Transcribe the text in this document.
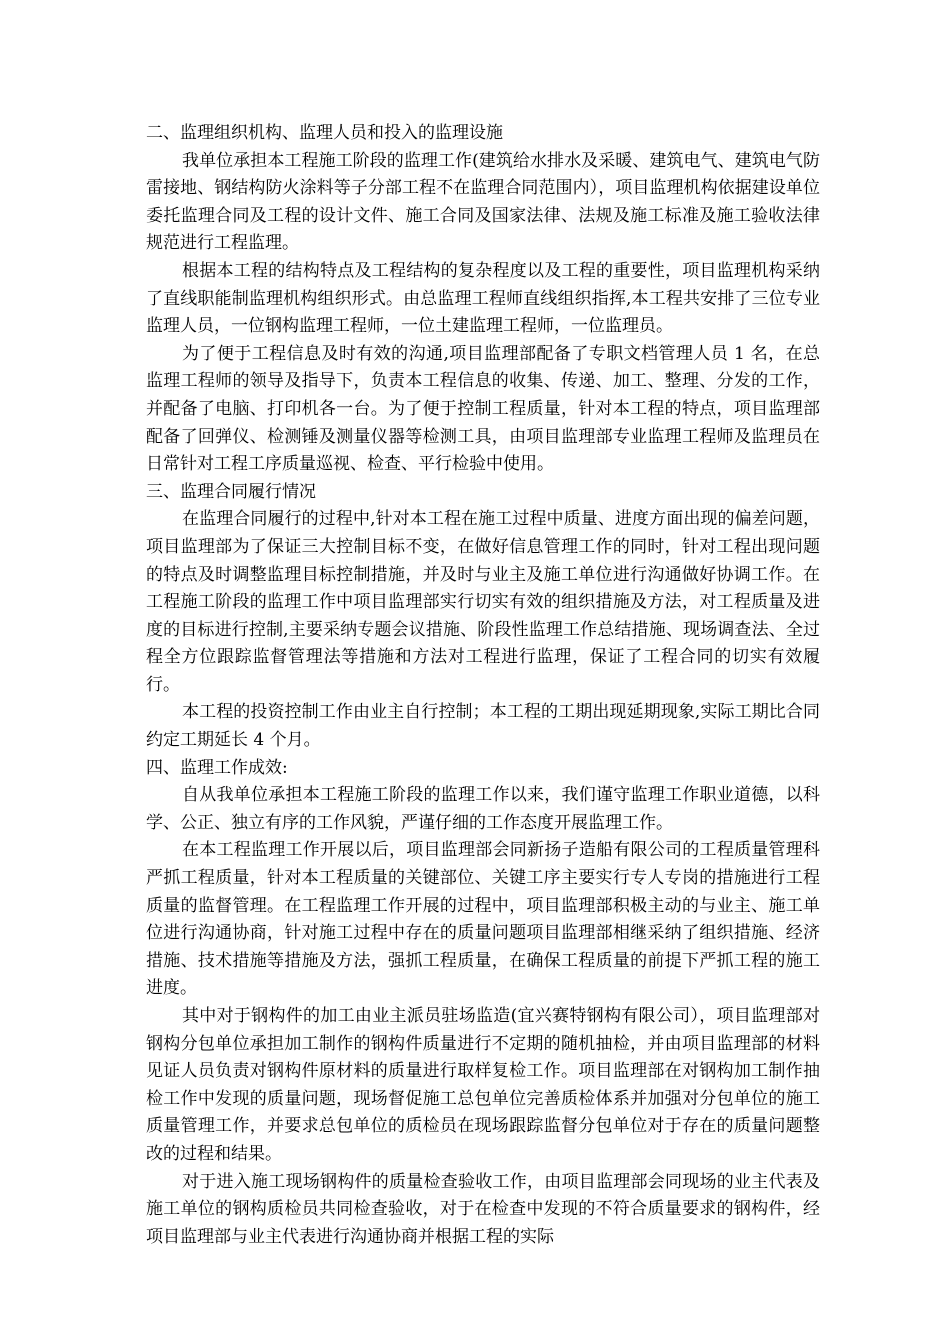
二、监理组织机构、监理人员和投入的监理设施

我单位承担本工程施工阶段的监理工作(建筑给水排水及采暖、建筑电气、建筑电气防雷接地、钢结构防火涂料等子分部工程不在监理合同范围内），项目监理机构依据建设单位委托监理合同及工程的设计文件、施工合同及国家法律、法规及施工标准及施工验收法律规范进行工程监理。

根据本工程的结构特点及工程结构的复杂程度以及工程的重要性，项目监理机构采纳了直线职能制监理机构组织形式。由总监理工程师直线组织指挥,本工程共安排了三位专业监理人员，一位钢构监理工程师，一位土建监理工程师，一位监理员。

为了便于工程信息及时有效的沟通,项目监理部配备了专职文档管理人员 1 名，在总监理工程师的领导及指导下，负责本工程信息的收集、传递、加工、整理、分发的工作，并配备了电脑、打印机各一台。为了便于控制工程质量，针对本工程的特点，项目监理部配备了回弹仪、检测锤及测量仪器等检测工具，由项目监理部专业监理工程师及监理员在日常针对工程工序质量巡视、检查、平行检验中使用。

三、监理合同履行情况

在监理合同履行的过程中,针对本工程在施工过程中质量、进度方面出现的偏差问题，项目监理部为了保证三大控制目标不变，在做好信息管理工作的同时，针对工程出现问题的特点及时调整监理目标控制措施，并及时与业主及施工单位进行沟通做好协调工作。在工程施工阶段的监理工作中项目监理部实行切实有效的组织措施及方法，对工程质量及进度的目标进行控制,主要采纳专题会议措施、阶段性监理工作总结措施、现场调查法、全过程全方位跟踪监督管理法等措施和方法对工程进行监理，保证了工程合同的切实有效履行。

本工程的投资控制工作由业主自行控制；本工程的工期出现延期现象,实际工期比合同约定工期延长 4 个月。

四、监理工作成效:

自从我单位承担本工程施工阶段的监理工作以来，我们谨守监理工作职业道德，以科学、公正、独立有序的工作风貌，严谨仔细的工作态度开展监理工作。

在本工程监理工作开展以后，项目监理部会同新扬子造船有限公司的工程质量管理科严抓工程质量，针对本工程质量的关键部位、关键工序主要实行专人专岗的措施进行工程质量的监督管理。在工程监理工作开展的过程中，项目监理部积极主动的与业主、施工单位进行沟通协商，针对施工过程中存在的质量问题项目监理部相继采纳了组织措施、经济措施、技术措施等措施及方法，强抓工程质量，在确保工程质量的前提下严抓工程的施工进度。

其中对于钢构件的加工由业主派员驻场监造(宜兴赛特钢构有限公司），项目监理部对钢构分包单位承担加工制作的钢构件质量进行不定期的随机抽检，并由项目监理部的材料见证人员负责对钢构件原材料的质量进行取样复检工作。项目监理部在对钢构加工制作抽检工作中发现的质量问题，现场督促施工总包单位完善质检体系并加强对分包单位的施工质量管理工作，并要求总包单位的质检员在现场跟踪监督分包单位对于存在的质量问题整改的过程和结果。

对于进入施工现场钢构件的质量检查验收工作，由项目监理部会同现场的业主代表及施工单位的钢构质检员共同检查验收，对于在检查中发现的不符合质量要求的钢构件，经项目监理部与业主代表进行沟通协商并根据工程的实际
